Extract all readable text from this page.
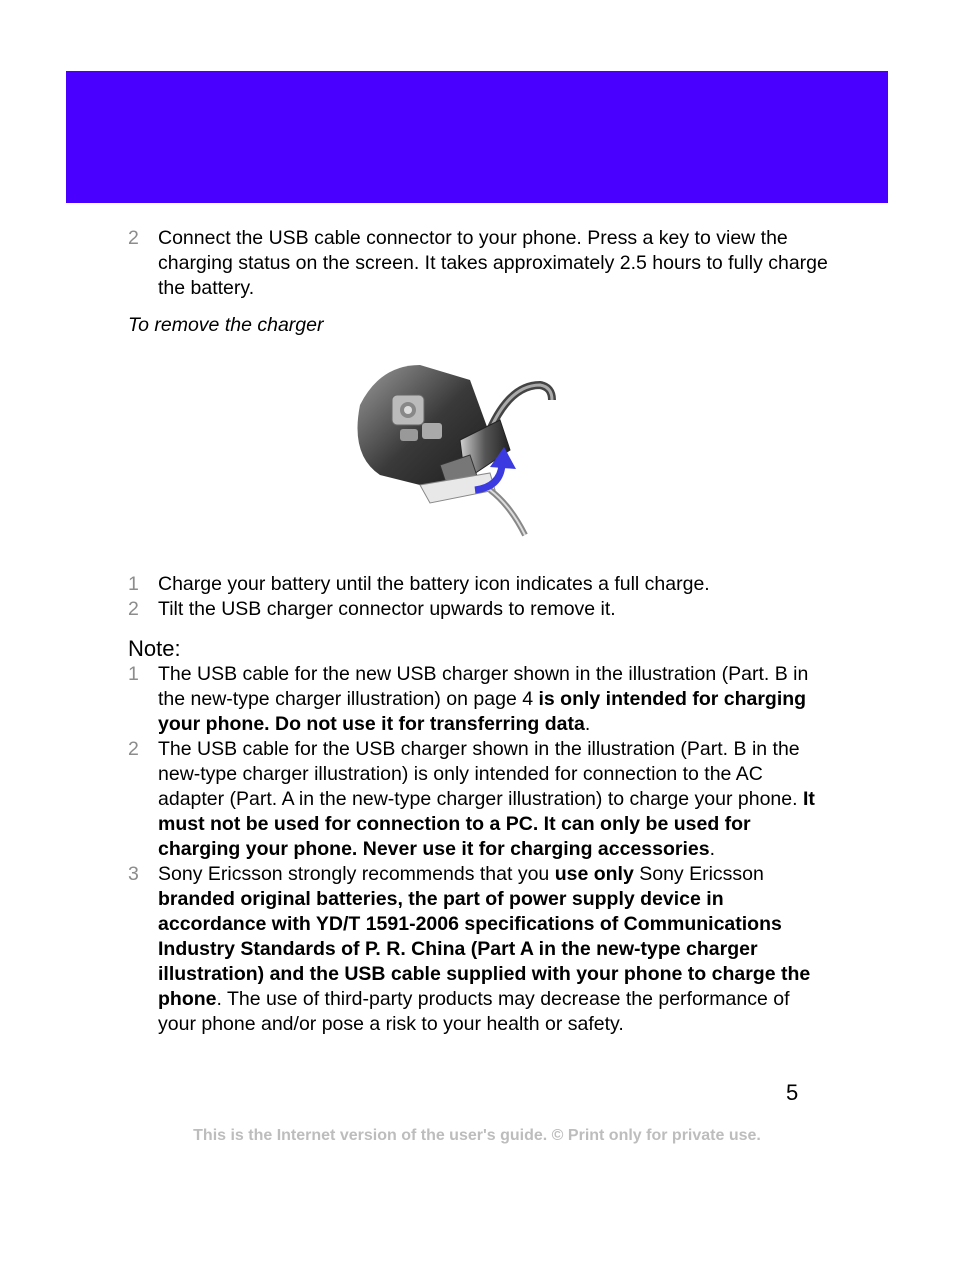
2 Connect the USB cable connector to your phone. Press a key to view the charging status on the screen. It takes approximately 2.5 hours to fully charge the battery.
To remove the charger
1 Charge your battery until the battery icon indicates a full charge.
2 Tilt the USB charger connector upwards to remove it.
Note:
1 The USB cable for the new USB charger shown in the illustration (Part. B in the new-type charger illustration) on page 4 is only intended for charging your phone. Do not use it for transferring data.
2 The USB cable for the USB charger shown in the illustration (Part. B in the new-type charger illustration) is only intended for connection to the AC adapter (Part. A in the new-type charger illustration) to charge your phone. It must not be used for connection to a PC. It can only be used for charging your phone. Never use it for charging accessories.
3 Sony Ericsson strongly recommends that you use only Sony Ericsson branded original batteries, the part of power supply device in accordance with YD/T 1591-2006 specifications of Communications Industry Standards of P. R. China (Part A in the new-type charger illustration) and the USB cable supplied with your phone to charge the phone. The use of third-party products may decrease the performance of your phone and/or pose a risk to your health or safety.
5
This is the Internet version of the user's guide. © Print only for private use.
